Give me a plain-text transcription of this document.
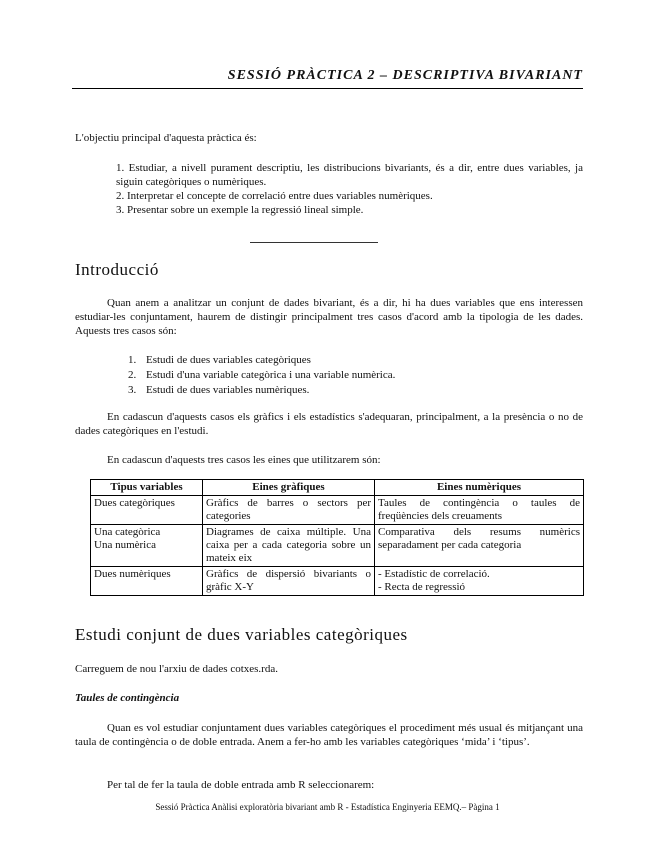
SESSIÓ PRÀCTICA 2 – DESCRIPTIVA BIVARIANT
L'objectiu principal d'aquesta pràctica és:

1. Estudiar, a nivell purament descriptiu, les distribucions bivariants, és a dir, entre dues variables, ja siguin categòriques o numèriques.

2. Interpretar el concepte de correlació entre dues variables numèriques.

3. Presentar sobre un exemple la regressió lineal simple.

Introducció

Quan anem a analitzar un conjunt de dades bivariant, és a dir, hi ha dues variables que ens interessen estudiar-les conjuntament, haurem de distingir principalment tres casos d'acord amb la tipologia de les dades. Aquests tres casos són:

1. Estudi de dues variables categòriques
2. Estudi d'una variable categòrica i una variable numèrica.
3. Estudi de dues variables numèriques.

En cadascun d'aquests casos els gràfics i els estadístics s'adequaran, principalment, a la presència o no de dades categòriques en l'estudi.

En cadascun d'aquests tres casos les eines que utilitzarem són:

Tipus variables	Eines gràfiques	Eines numèriques

Dues categòriques	Gràfics de barres o sectors per categories	Taules de contingència o taules de freqüències dels creuaments

Una categòrica
Una numèrica	Diagrames de caixa múltiple. Una caixa per a cada categoria sobre un mateix eix	Comparativa dels resums numèrics separadament per cada categoria

Dues numèriques	Gràfics de dispersió bivariants o gràfic X-Y	- Estadístic de correlació.
- Recta de regressió
Estudi conjunt de dues variables categòriques

Carreguem de nou l'arxiu de dades cotxes.rda.

Taules de contingència

Quan es vol estudiar conjuntament dues variables categòriques el procediment més usual és mitjançant una taula de contingència o de doble entrada. Anem a fer-ho amb les variables categòriques ‘mida’ i ‘tipus’.

Per tal de fer la taula de doble entrada amb R seleccionarem:

Sessió Pràctica Anàlisi exploratòria bivariant amb R - Estadística Enginyeria EEMQ.– Pàgina 1
